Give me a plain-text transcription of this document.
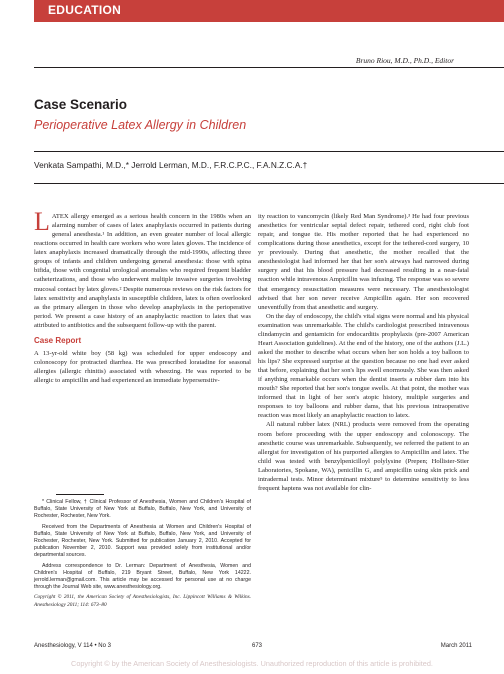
EDUCATION
Bruno Riou, M.D., Ph.D., Editor
Case Scenario
Perioperative Latex Allergy in Children
Venkata Sampathi, M.D.,* Jerrold Lerman, M.D., F.R.C.P.C., F.A.N.Z.C.A.†

LATEX allergy emerged as a serious health concern in the 1980s when an alarming number of cases of latex anaphylaxis occurred in patients during general anesthesia.¹ In addition, an even greater number of local allergic reactions occurred in health care workers who wore latex gloves. The incidence of latex anaphylaxis increased dramatically through the mid-1990s, affecting three groups of infants and children undergoing general anesthesia: those with spina bifida, those with congenital urological anomalies who required frequent bladder catheterizations, and those who underwent multiple invasive surgeries involving mucosal contact by latex gloves.² Despite numerous reviews on the risk factors for latex sensitivity and anaphylaxis in susceptible children, latex is often overlooked as the primary allergen in those who develop anaphylaxis in the perioperative period. We present a case history of an anaphylactic reaction to latex that was attributed to antibiotics and the subsequent follow-up with the parent.

Case Report

A 13-yr-old white boy (58 kg) was scheduled for upper endoscopy and colonoscopy for protracted diarrhea. He was prescribed loratadine for seasonal allergies (allergic rhinitis) associated with wheezing. He was reported to be allergic to ampicillin and had experienced an immediate hypersensitiv-

* Clinical Fellow, † Clinical Professor of Anesthesia, Women and Children's Hospital of Buffalo, State University of New York at Buffalo, Buffalo, New York, and University of Rochester, Rochester, New York.

Received from the Departments of Anesthesia at Women and Children's Hospital of Buffalo, State University of New York at Buffalo, Buffalo, New York, and University of Rochester, Rochester, New York. Submitted for publication January 2, 2010. Accepted for publication November 2, 2010. Support was provided solely from institutional and/or departmental sources.

Address correspondence to Dr. Lerman: Department of Anesthesia, Women and Children's Hospital of Buffalo, 219 Bryant Street, Buffalo, New York 14222. jerrold.lerman@gmail.com. This article may be accessed for personal use at no charge through the Journal Web site, www.anesthesiology.org.

Copyright © 2011, the American Society of Anesthesiologists, Inc. Lippincott Williams & Wilkins. Anesthesiology 2011; 114: 673–80

ity reaction to vancomycin (likely Red Man Syndrome).³ He had four previous anesthetics for ventricular septal defect repair, tethered cord, right club foot repair, and tongue tie. His mother reported that he had experienced no complications during those anesthetics, except for the tethered-cord surgery, 10 yr previously. During that anesthetic, the mother recalled that the anesthesiologist had informed her that her son's airways had narrowed during surgery and that his blood pressure had decreased resulting in a near-fatal reaction while intravenous Ampicillin was infusing. The response was so severe that emergency resuscitation measures were necessary. The anesthesiologist advised that her son never receive Ampicillin again. Her son recovered uneventfully from that anesthetic and surgery.

On the day of endoscopy, the child's vital signs were normal and his physical examination was unremarkable. The child's cardiologist prescribed intravenous clindamycin and gentamicin for endocarditis prophylaxis (pre-2007 American Heart Association guidelines). At the end of the history, one of the authors (J.L.) asked the mother to describe what occurs when her son holds a toy balloon to his lips? She expressed surprise at the question because no one had ever asked that before, explaining that her son's lips swell enormously. She was then asked if anything remarkable occurs when the dentist inserts a rubber dam into his mouth? She reported that her son's tongue swells. At that point, the mother was informed that in light of her son's atopic history, multiple surgeries and responses to toy balloons and rubber dams, that his previous intraoperative reaction was most likely an anaphylactic reaction to latex.

All natural rubber latex (NRL) products were removed from the operating room before proceeding with the upper endoscopy and colonoscopy. The anesthetic course was unremarkable. Subsequently, we referred the patient to an allergist for investigation of his purported allergies to Ampicillin and latex. The child was tested with benzylpenicilloyl polylysine (Prepen; Hollister-Stier Laboratories, Spokane, WA), penicillin G, and ampicillin using skin prick and intradermal tests. Minor determinant mixture⁵ to determine sensitivity to less frequent haptens was not available for clin-

Anesthesiology, V 114 • No 3	673	March 2011
Copyright © by the American Society of Anesthesiologists. Unauthorized reproduction of this article is prohibited.
